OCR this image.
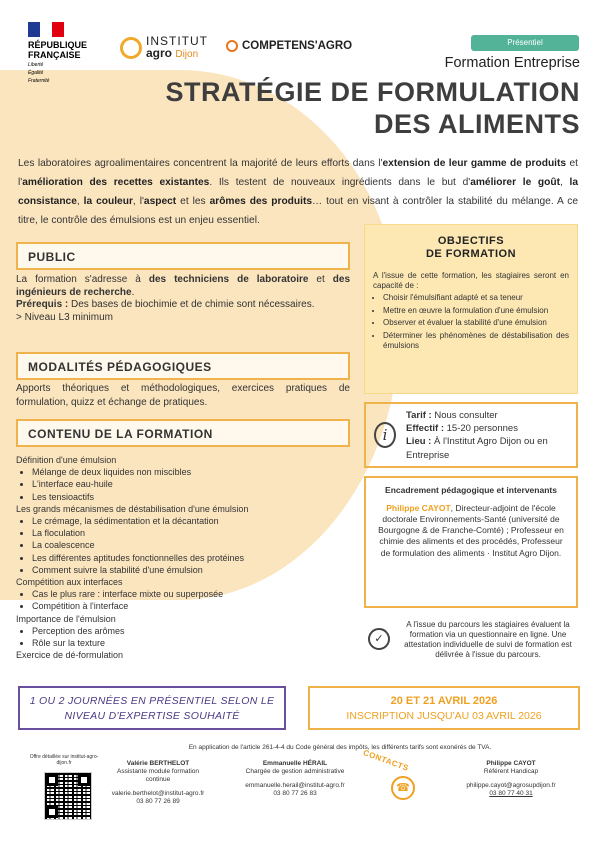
RÉPUBLIQUE
FRANÇAISE
Liberté
Égalité
Fraternité
INSTITUT
agro Dijon
COMPETENS'AGRO	Présentiel
Formation Entreprise
STRATÉGIE DE FORMULATION
DES ALIMENTS
Les laboratoires agroalimentaires concentrent la majorité de leurs efforts dans l'extension de leur gamme de produits et l'amélioration des recettes existantes. Ils testent de nouveaux ingrédients dans le but d'améliorer le goût, la consistance, la couleur, l'aspect et les arômes des produits… tout en visant à contrôler la stabilité du mélange. A ce titre, le contrôle des émulsions est un enjeu essentiel.
PUBLIC
La formation s'adresse à des techniciens de laboratoire et des ingénieurs de recherche.
Prérequis : Des bases de biochimie et de chimie sont nécessaires.
> Niveau L3 minimum
MODALITÉS PÉDAGOGIQUES
Apports théoriques et méthodologiques, exercices pratiques de formulation, quizz et échange de pratiques.
CONTENU DE LA FORMATION
Définition d'une émulsion
• Mélange de deux liquides non miscibles
• L'interface eau-huile
• Les tensioactifs
Les grands mécanismes de déstabilisation d'une émulsion
• Le crémage, la sédimentation et la décantation
• La floculation
• La coalescence
• Les différentes aptitudes fonctionnelles des protéines
• Comment suivre la stabilité d'une émulsion
Compétition aux interfaces
• Cas le plus rare : interface mixte ou superposée
• Compétition à l'interface
Importance de l'émulsion
• Perception des arômes
• Rôle sur la texture
Exercice de dé-formulation
OBJECTIFS
DE FORMATION
A l'issue de cette formation, les stagiaires seront en capacité de :
• Choisir l'émulsifiant adapté et sa teneur
• Mettre en œuvre la formulation d'une émulsion
• Observer et évaluer la stabilité d'une émulsion
• Déterminer les phénomènes de déstabilisation des émulsions
i
Tarif : Nous consulter
Effectif : 15-20 personnes
Lieu : À l'Institut Agro Dijon ou en Entreprise
Encadrement pédagogique et intervenants
Philippe CAYOT, Directeur-adjoint de l'école doctorale Environnements-Santé (université de Bourgogne & de Franche-Comté) ; Professeur en chimie des aliments et des procédés, Professeur de formulation des aliments · Institut Agro Dijon.
✓
A l'issue du parcours les stagiaires évaluent la formation via un questionnaire en ligne. Une attestation individuelle de suivi de formation est délivrée à l'issue du parcours.
1 OU 2 JOURNÉES EN PRÉSENTIEL SELON LE
NIVEAU D'EXPERTISE SOUHAITÉ
20 ET 21 AVRIL 2026
INSCRIPTION JUSQU'AU 03 AVRIL 2026
En application de l'article 261-4-4 du Code général des impôts, les différents tarifs sont exonérés de TVA.
Offre détaillée sur institut-agro-dijon.fr	Valérie BERTHELOT
Assistante module formation continue
valerie.berthelot@institut-agro.fr
03 80 77 26 89
Emmanuelle HÉRAIL
Chargée de gestion administrative
emmanuelle.herail@institut-agro.fr
03 80 77 26 83
CONTACTS
☎
Philippe CAYOT
Référent Handicap
philippe.cayot@agrosupdijon.fr
03 80 77 40 31
